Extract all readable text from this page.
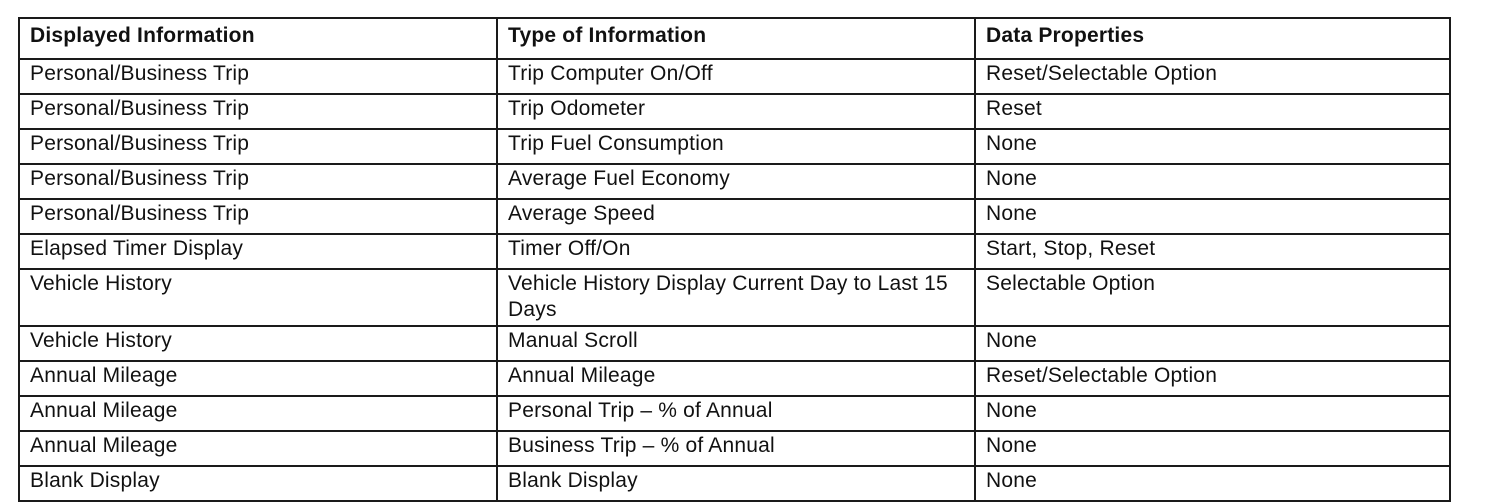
Displayed Information	Type of Information	Data Properties
Personal/Business Trip	Trip Computer On/Off	Reset/Selectable Option
Personal/Business Trip	Trip Odometer	Reset
Personal/Business Trip	Trip Fuel Consumption	None
Personal/Business Trip	Average Fuel Economy	None
Personal/Business Trip	Average Speed	None
Elapsed Timer Display	Timer Off/On	Start, Stop, Reset
Vehicle History	Vehicle History Display Current Day to Last 15 Days	Selectable Option
Vehicle History	Manual Scroll	None
Annual Mileage	Annual Mileage	Reset/Selectable Option
Annual Mileage	Personal Trip – % of Annual	None
Annual Mileage	Business Trip – % of Annual	None
Blank Display	Blank Display	None
